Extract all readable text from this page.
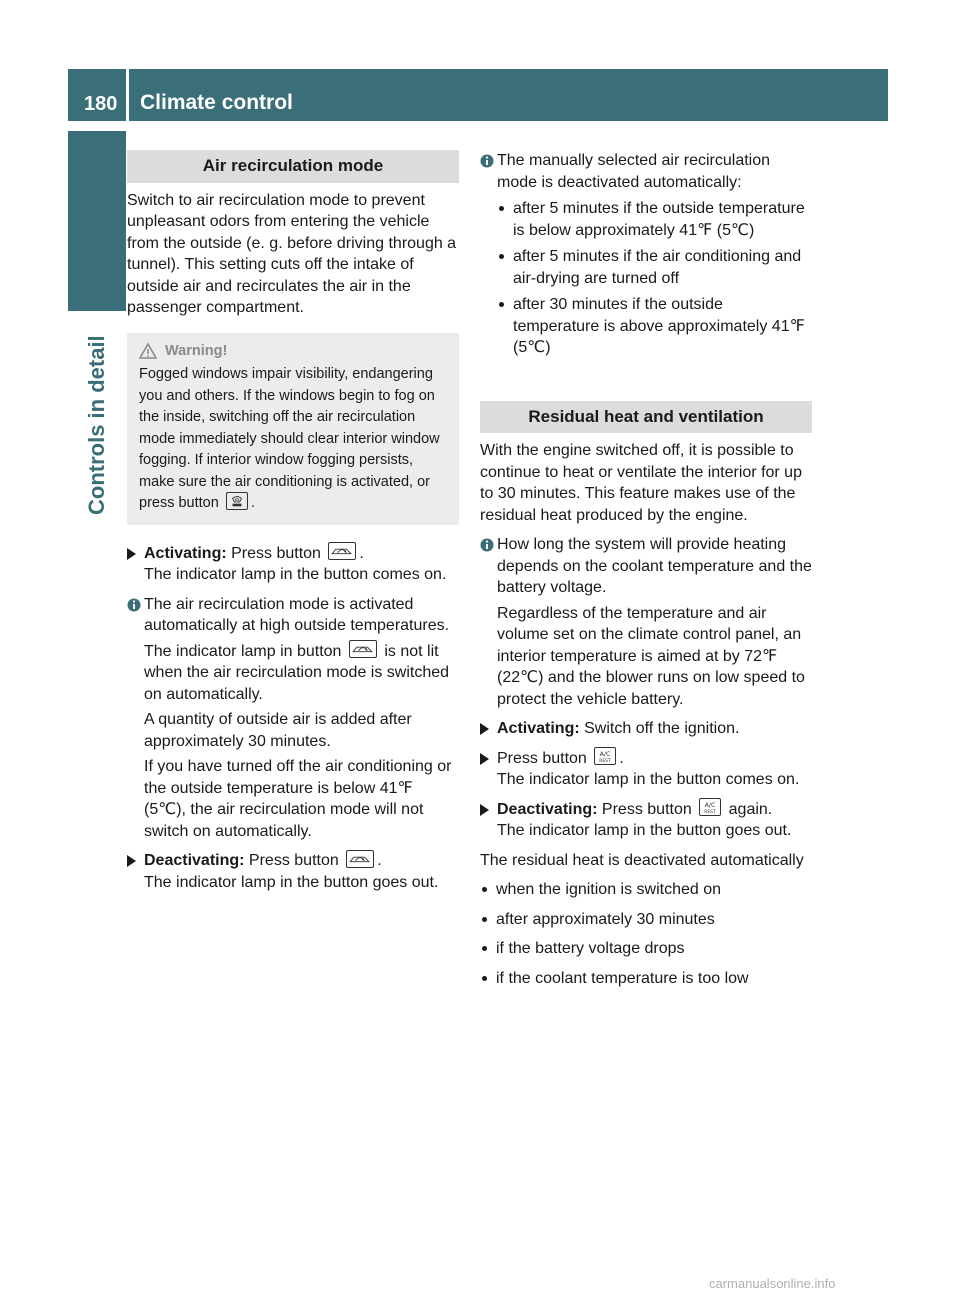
180 Climate control
Controls in detail
Air recirculation mode
Switch to air recirculation mode to prevent unpleasant odors from entering the vehicle from the outside (e. g. before driving through a tunnel). This setting cuts off the intake of outside air and recirculates the air in the passenger compartment.
Warning!
Fogged windows impair visibility, endangering you and others. If the windows begin to fog on the inside, switching off the air recirculation mode immediately should clear interior window fogging. If interior window fogging persists, make sure the air conditioning is activated, or press button .
Activating: Press button .
The indicator lamp in the button comes on.
The air recirculation mode is activated automatically at high outside temperatures.
The indicator lamp in button	is not lit when the air recirculation mode is switched on automatically.
A quantity of outside air is added after approximately 30 minutes.
If you have turned off the air conditioning or the outside temperature is below 41℉ (5℃), the air recirculation mode will not switch on automatically.
Deactivating: Press button .
The indicator lamp in the button goes out.
The manually selected air recirculation mode is deactivated automatically:
after 5 minutes if the outside temperature is below approximately 41℉ (5℃)
after 5 minutes if the air conditioning and air-drying are turned off
after 30 minutes if the outside temperature is above approximately 41℉ (5℃)
Residual heat and ventilation
With the engine switched off, it is possible to continue to heat or ventilate the interior for up to 30 minutes. This feature makes use of the residual heat produced by the engine.
How long the system will provide heating depends on the coolant temperature and the battery voltage.
Regardless of the temperature and air volume set on the climate control panel, an interior temperature is aimed at by 72℉ (22℃) and the blower runs on low speed to protect the vehicle battery.
Activating: Switch off the ignition.
Press button A/C
REST .
The indicator lamp in the button comes on.
Deactivating: Press button A/C
REST again.
The indicator lamp in the button goes out.
The residual heat is deactivated automatically
when the ignition is switched on
after approximately 30 minutes
if the battery voltage drops
if the coolant temperature is too low
carmanualsonline.info
